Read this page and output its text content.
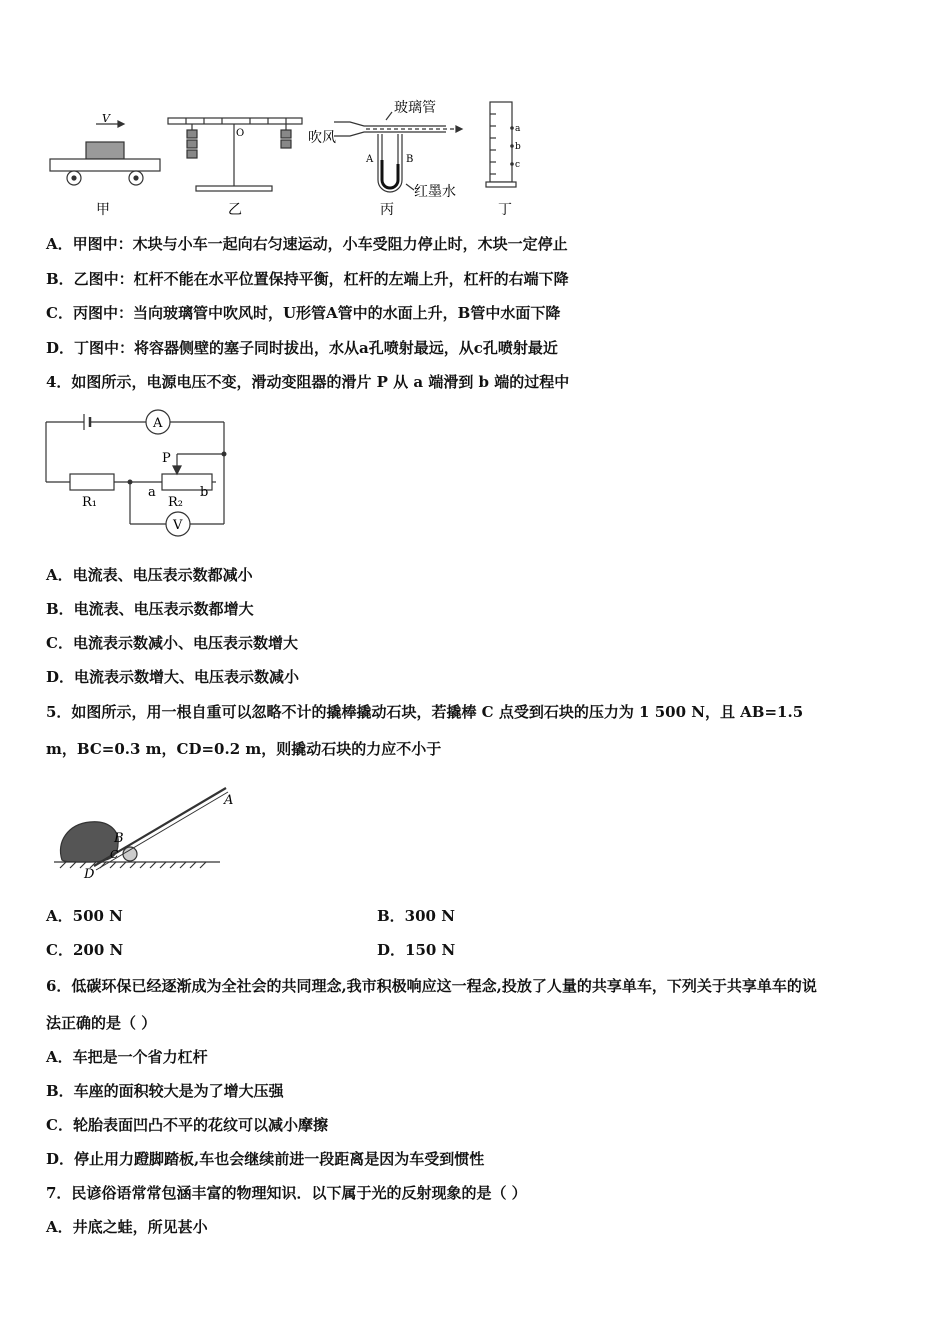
V
甲
O
乙
玻璃管
吹风
A	B
红墨水
丙
a
b
c
丁
A．甲图中：木块与小车一起向右匀速运动，小车受阻力停止时，木块一定停止
B．乙图中：杠杆不能在水平位置保持平衡，杠杆的左端上升，杠杆的右端下降
C．丙图中：当向玻璃管中吹风时，U形管A管中的水面上升，B管中水面下降
D．丁图中：将容器侧壁的塞子同时拔出，水从a孔喷射最远，从c孔喷射最近
4．如图所示，电源电压不变，滑动变阻器的滑片 P 从 a 端滑到 b 端的过程中
A
V
P
R₁	R₂
a	b
A．电流表、电压表示数都减小
B．电流表、电压表示数都增大
C．电流表示数减小、电压表示数增大
D．电流表示数增大、电压表示数减小
5．如图所示，用一根自重可以忽略不计的撬棒撬动石块，若撬棒 C 点受到石块的压力为 1 500 N，且 AB=1.5
m，BC=0.3 m，CD=0.2 m，则撬动石块的力应不小于
A
B
C
D
A．500 N	B．300 N
C．200 N	D．150 N
6．低碳环保已经逐渐成为全社会的共同理念,我市积极响应这一程念,投放了人量的共享单车，下列关于共享单车的说
法正确的是（ ）
A．车把是一个省力杠杆
B．车座的面积较大是为了增大压强
C．轮胎表面凹凸不平的花纹可以减小摩擦
D．停止用力蹬脚踏板,车也会继续前进一段距离是因为车受到惯性
7．民谚俗语常常包涵丰富的物理知识．以下属于光的反射现象的是（ ）
A．井底之蛙，所见甚小
